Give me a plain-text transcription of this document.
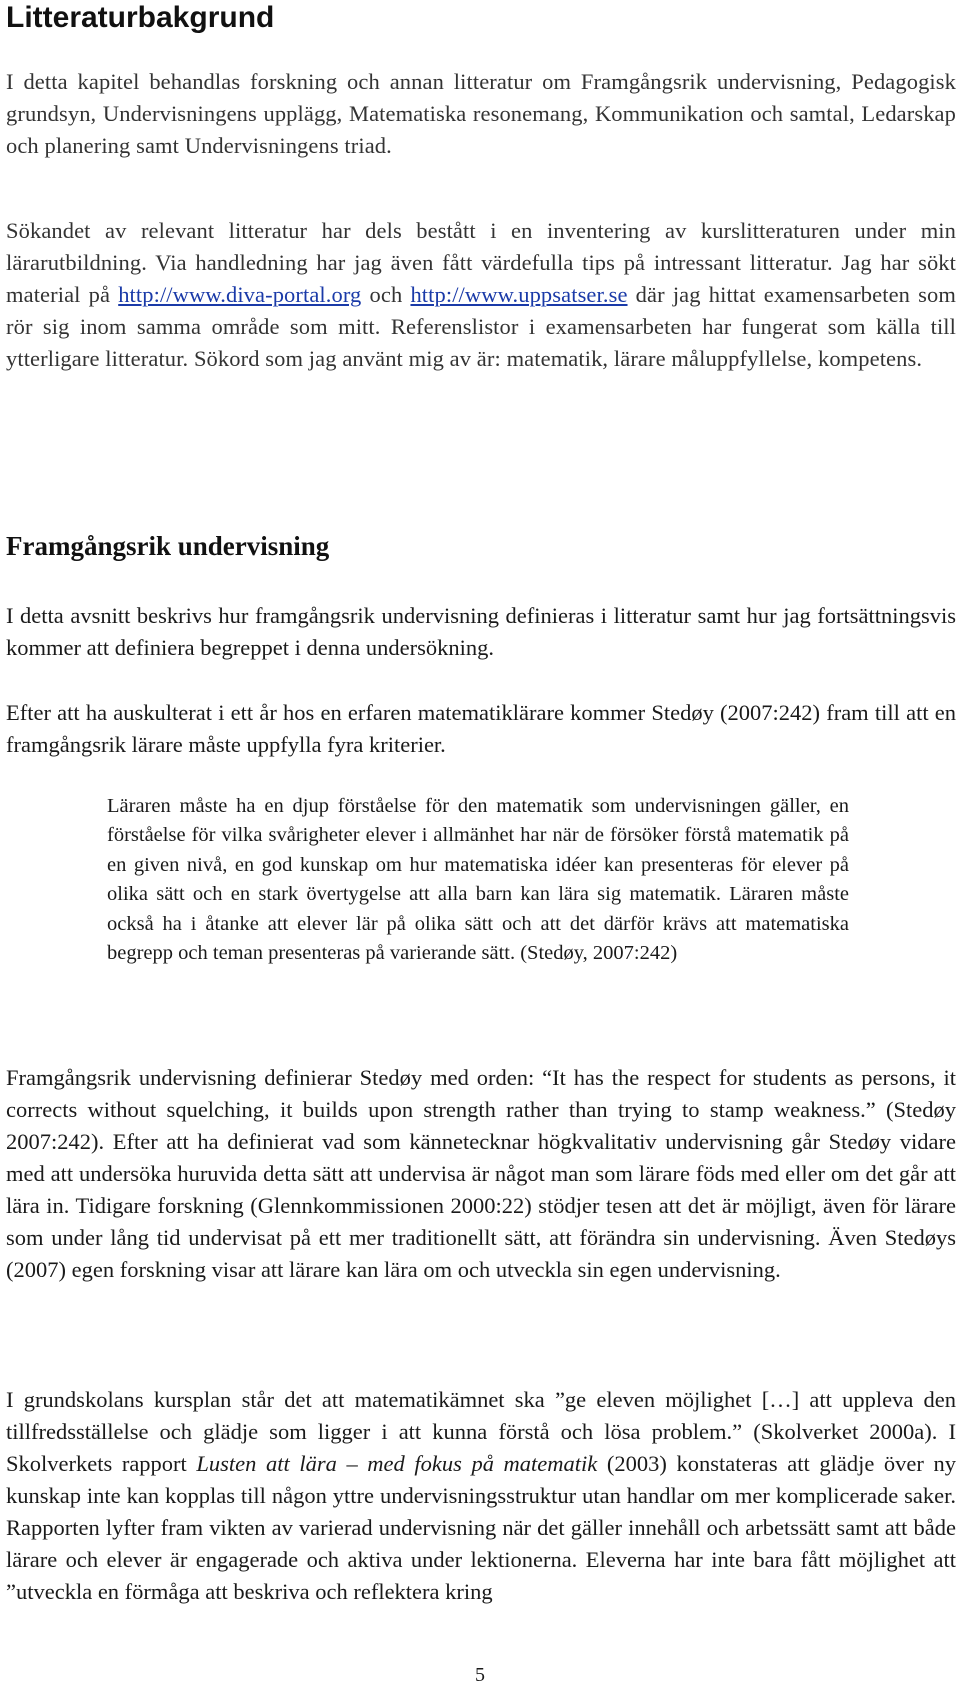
Litteraturbakgrund

I detta kapitel behandlas forskning och annan litteratur om Framgångsrik undervisning, Pedagogisk grundsyn, Undervisningens upplägg, Matematiska resonemang, Kommunikation och samtal, Ledarskap och planering samt Undervisningens triad.

Sökandet av relevant litteratur har dels bestått i en inventering av kurslitteraturen under min lärarutbildning. Via handledning har jag även fått värdefulla tips på intressant litteratur. Jag har sökt material på http://www.diva-portal.org och http://www.uppsatser.se där jag hittat examensarbeten som rör sig inom samma område som mitt. Referenslistor i examensarbeten har fungerat som källa till ytterligare litteratur. Sökord som jag använt mig av är: matematik, lärare måluppfyllelse, kompetens.

Framgångsrik undervisning

I detta avsnitt beskrivs hur framgångsrik undervisning definieras i litteratur samt hur jag fortsättningsvis kommer att definiera begreppet i denna undersökning.

Efter att ha auskulterat i ett år hos en erfaren matematiklärare kommer Stedøy (2007:242) fram till att en framgångsrik lärare måste uppfylla fyra kriterier.

Läraren måste ha en djup förståelse för den matematik som undervisningen gäller, en förståelse för vilka svårigheter elever i allmänhet har när de försöker förstå matematik på en given nivå, en god kunskap om hur matematiska idéer kan presenteras för elever på olika sätt och en stark övertygelse att alla barn kan lära sig matematik. Läraren måste också ha i åtanke att elever lär på olika sätt och att det därför krävs att matematiska begrepp och teman presenteras på varierande sätt. (Stedøy, 2007:242)

Framgångsrik undervisning definierar Stedøy med orden: “It has the respect for students as persons, it corrects without squelching, it builds upon strength rather than trying to stamp weakness.” (Stedøy 2007:242). Efter att ha definierat vad som kännetecknar högkvalitativ undervisning går Stedøy vidare med att undersöka huruvida detta sätt att undervisa är något man som lärare föds med eller om det går att lära in. Tidigare forskning (Glennkommissionen 2000:22) stödjer tesen att det är möjligt, även för lärare som under lång tid undervisat på ett mer traditionellt sätt, att förändra sin undervisning. Även Stedøys (2007) egen forskning visar att lärare kan lära om och utveckla sin egen undervisning.

I grundskolans kursplan står det att matematikämnet ska ”ge eleven möjlighet […] att uppleva den tillfredsställelse och glädje som ligger i att kunna förstå och lösa problem.” (Skolverket 2000a). I Skolverkets rapport Lusten att lära – med fokus på matematik (2003) konstateras att glädje över ny kunskap inte kan kopplas till någon yttre undervisningsstruktur utan handlar om mer komplicerade saker. Rapporten lyfter fram vikten av varierad undervisning när det gäller innehåll och arbetssätt samt att både lärare och elever är engagerade och aktiva under lektionerna. Eleverna har inte bara fått möjlighet att ”utveckla en förmåga att beskriva och reflektera kring

5
